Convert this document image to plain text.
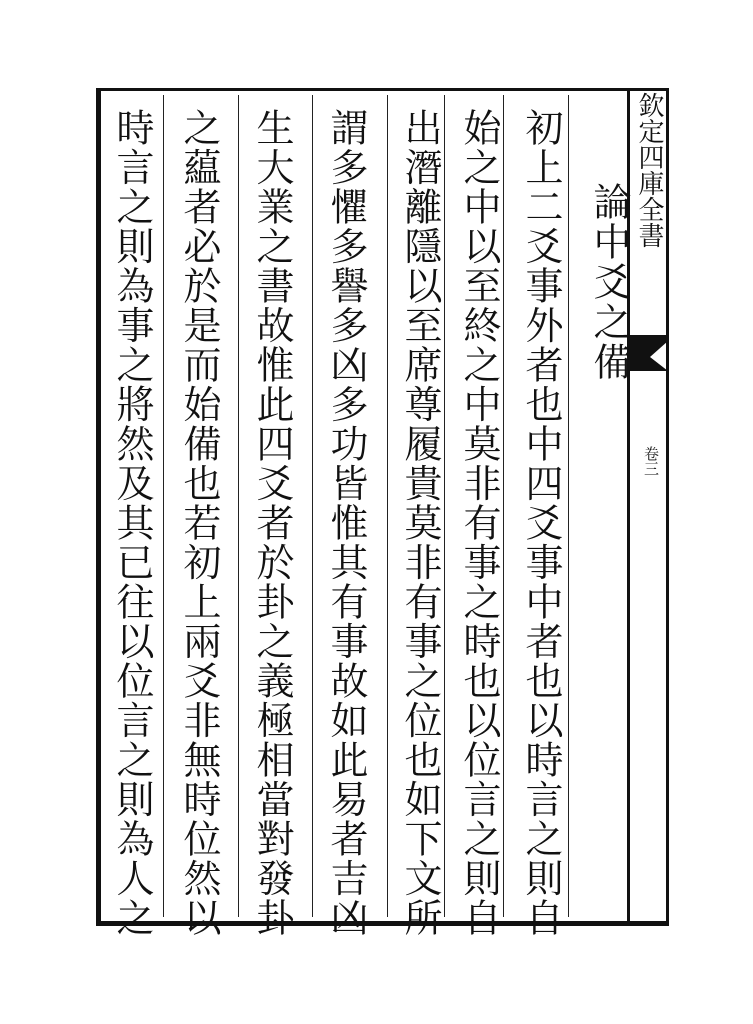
欽定四庫全書
卷三
論中爻之備
初上二爻事外者也中四爻事中者也以時言之則自
始之中以至終之中莫非有事之時也以位言之則自
出潛離隱以至席尊履貴莫非有事之位也如下文所
謂多懼多譽多凶多功皆惟其有事故如此易者吉凶
生大業之書故惟此四爻者於卦之義極相當對發卦
之藴者必於是而始備也若初上兩爻非無時位然以
時言之則為事之將然及其已往以位言之則為人之
